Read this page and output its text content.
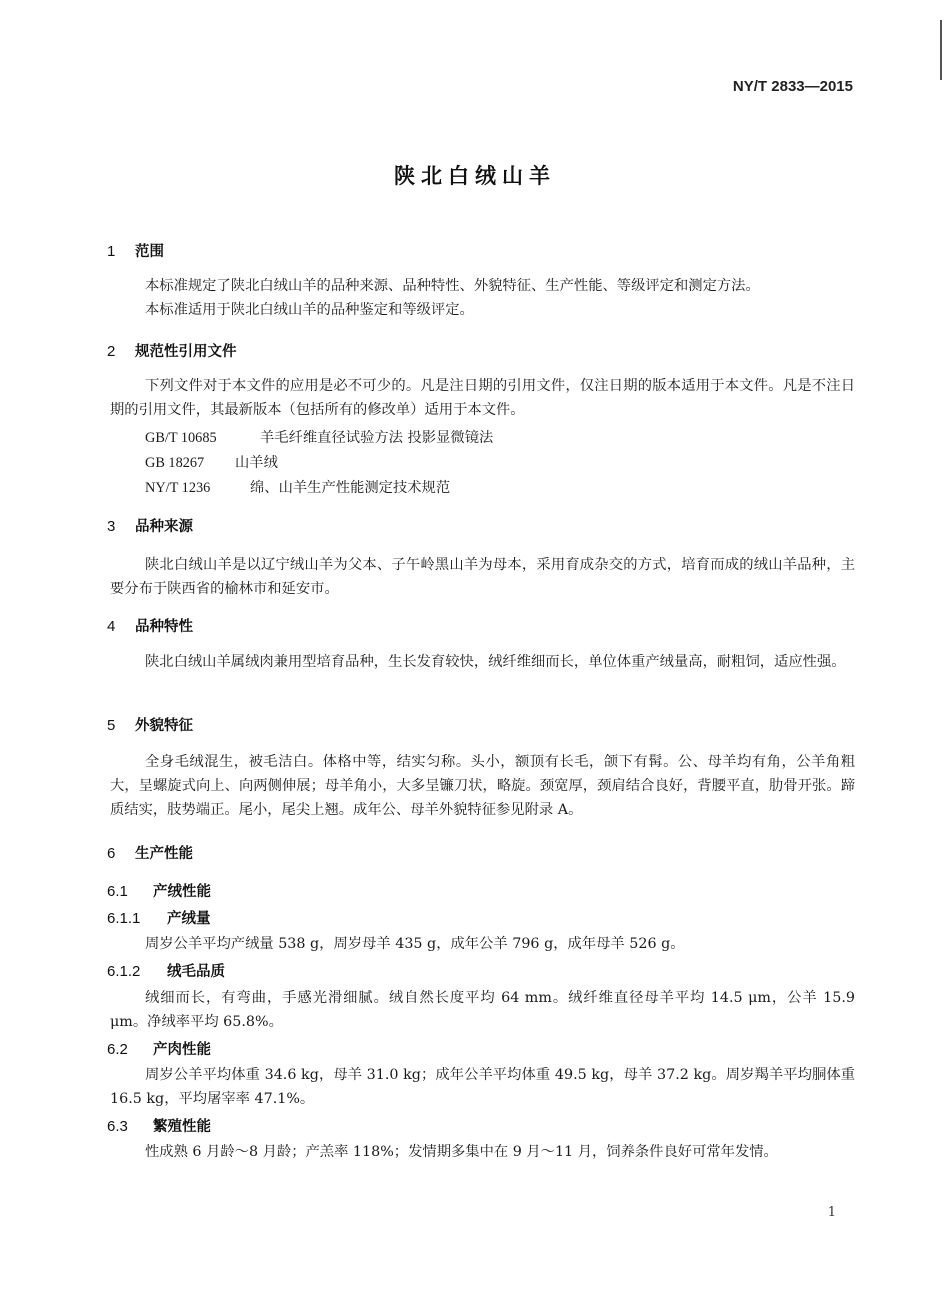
NY/T 2833—2015
陕北白绒山羊
1 范围
本标准规定了陕北白绒山羊的品种来源、品种特性、外貌特征、生产性能、等级评定和测定方法。
本标准适用于陕北白绒山羊的品种鉴定和等级评定。
2 规范性引用文件
下列文件对于本文件的应用是必不可少的。凡是注日期的引用文件，仅注日期的版本适用于本文件。凡是不注日期的引用文件，其最新版本（包括所有的修改单）适用于本文件。
GB/T 10685	羊毛纤维直径试验方法 投影显微镜法
GB 18267 山羊绒
NY/T 1236	绵、山羊生产性能测定技术规范
3 品种来源
陕北白绒山羊是以辽宁绒山羊为父本、子午岭黑山羊为母本，采用育成杂交的方式，培育而成的绒山羊品种，主要分布于陕西省的榆林市和延安市。
4 品种特性
陕北白绒山羊属绒肉兼用型培育品种，生长发育较快，绒纤维细而长，单位体重产绒量高，耐粗饲，适应性强。
5 外貌特征
全身毛绒混生，被毛洁白。体格中等，结实匀称。头小，额顶有长毛，颌下有髯。公、母羊均有角，公羊角粗大，呈螺旋式向上、向两侧伸展；母羊角小，大多呈镰刀状，略旋。颈宽厚，颈肩结合良好，背腰平直，肋骨开张。蹄质结实，肢势端正。尾小，尾尖上翘。成年公、母羊外貌特征参见附录 A。
6 生产性能
6.1 产绒性能
6.1.1 产绒量
周岁公羊平均产绒量 538 g，周岁母羊 435 g，成年公羊 796 g，成年母羊 526 g。
6.1.2 绒毛品质
绒细而长，有弯曲，手感光滑细腻。绒自然长度平均 64 mm。绒纤维直径母羊平均 14.5 μm，公羊 15.9 μm。净绒率平均 65.8%。
6.2 产肉性能
周岁公羊平均体重 34.6 kg，母羊 31.0 kg；成年公羊平均体重 49.5 kg，母羊 37.2 kg。周岁羯羊平均胴体重 16.5 kg，平均屠宰率 47.1%。
6.3 繁殖性能
性成熟 6 月龄～8 月龄；产羔率 118%；发情期多集中在 9 月～11 月，饲养条件良好可常年发情。
1
